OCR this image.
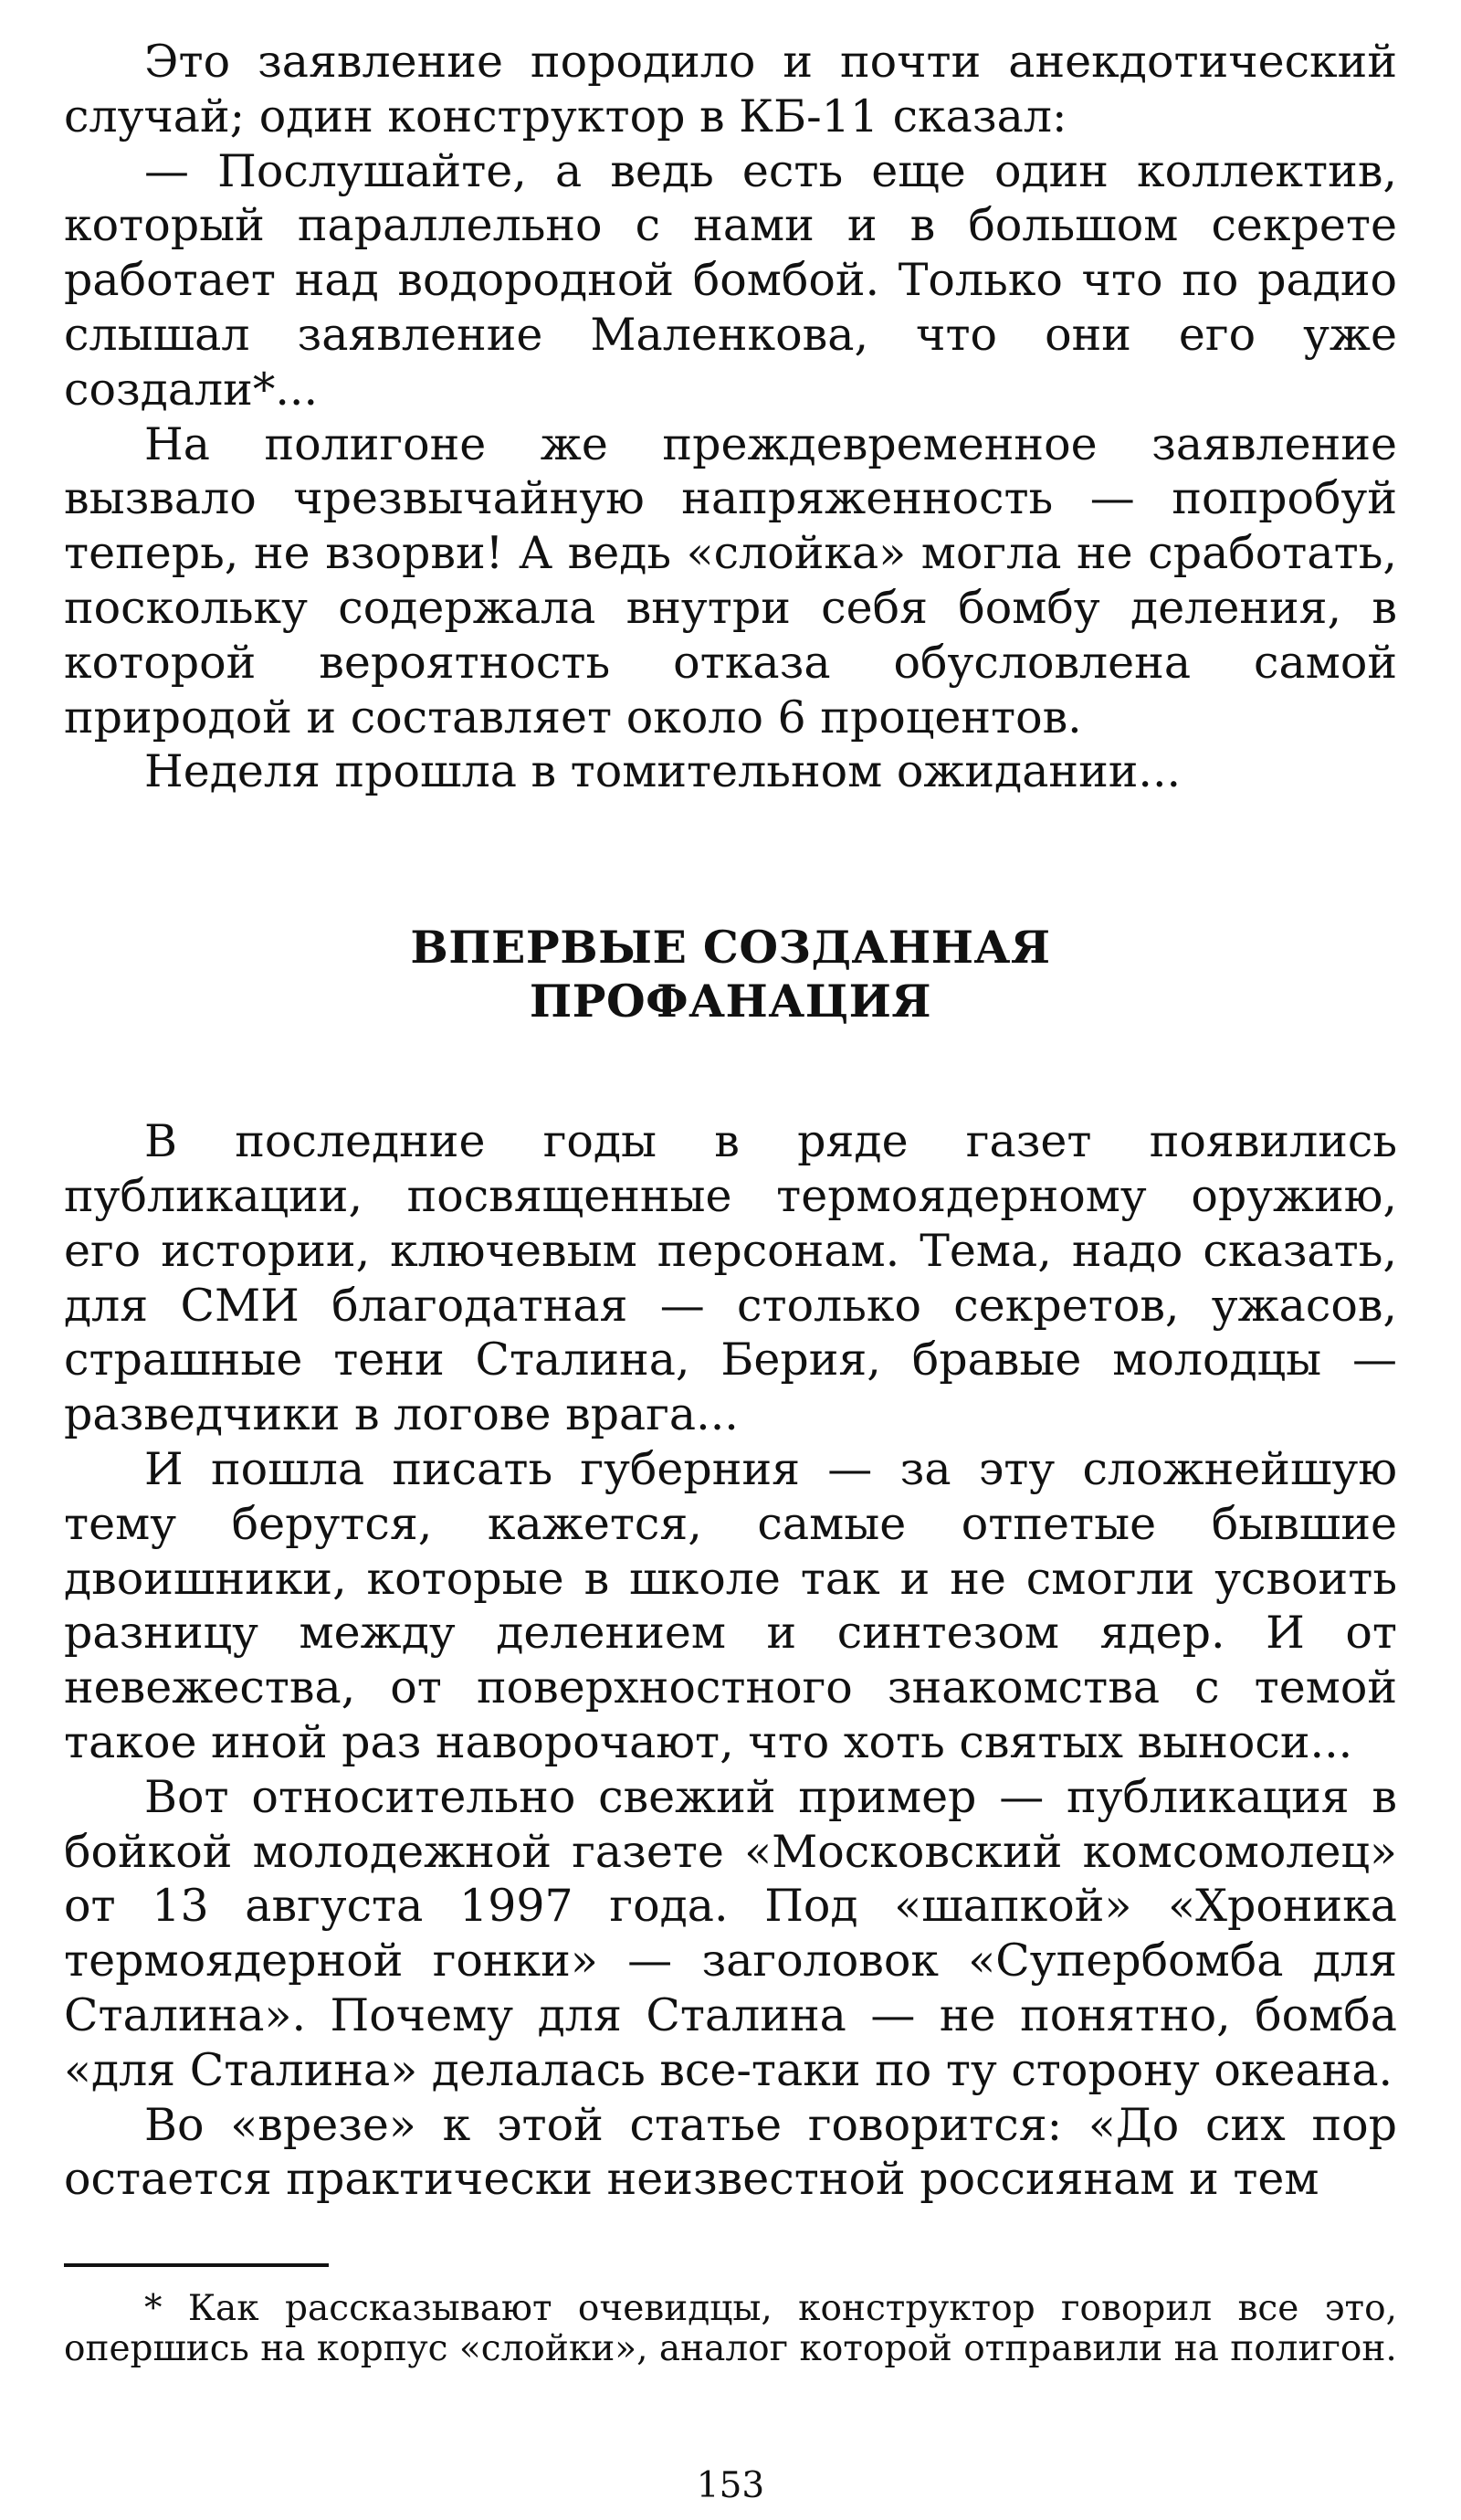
Это заявление породило и почти анекдотический случай; один конструктор в КБ-11 сказал:

— Послушайте, а ведь есть еще один коллектив, который параллельно с нами и в большом секрете работает над водородной бомбой. Только что по радио слышал заявление Маленкова, что они его уже создали*...

На полигоне же преждевременное заявление вызвало чрезвычайную напряженность — попробуй теперь, не взорви! А ведь «слойка» могла не сработать, поскольку содержала внутри себя бомбу деления, в которой вероятность отказа обусловлена самой природой и составляет около 6 процентов.

Неделя прошла в томительном ожидании...

ВПЕРВЫЕ СОЗДАННАЯ
ПРОФАНАЦИЯ

В последние годы в ряде газет появились публикации, посвященные термоядерному оружию, его истории, ключевым персонам. Тема, надо сказать, для СМИ благодатная — столько секретов, ужасов, страшные тени Сталина, Берия, бравые молодцы — разведчики в логове врага...

И пошла писать губерния — за эту сложнейшую тему берутся, кажется, самые отпетые бывшие двоишники, которые в школе так и не смогли усвоить разницу между делением и синтезом ядер. И от невежества, от поверхностного знакомства с темой такое иной раз наворочают, что хоть святых выноси...

Вот относительно свежий пример — публикация в бойкой молодежной газете «Московский комсомолец» от 13 августа 1997 года. Под «шапкой» «Хроника термоядерной гонки» — заголовок «Супербомба для Сталина». Почему для Сталина — не понятно, бомба «для Сталина» делалась все-таки по ту сторону океана.

Во «врезе» к этой статье говорится: «До сих пор остается практически неизвестной россиянам и тем

* Как рассказывают очевидцы, конструктор говорил все это, опершись на корпус «слойки», аналог которой отправили на полигон.

153
